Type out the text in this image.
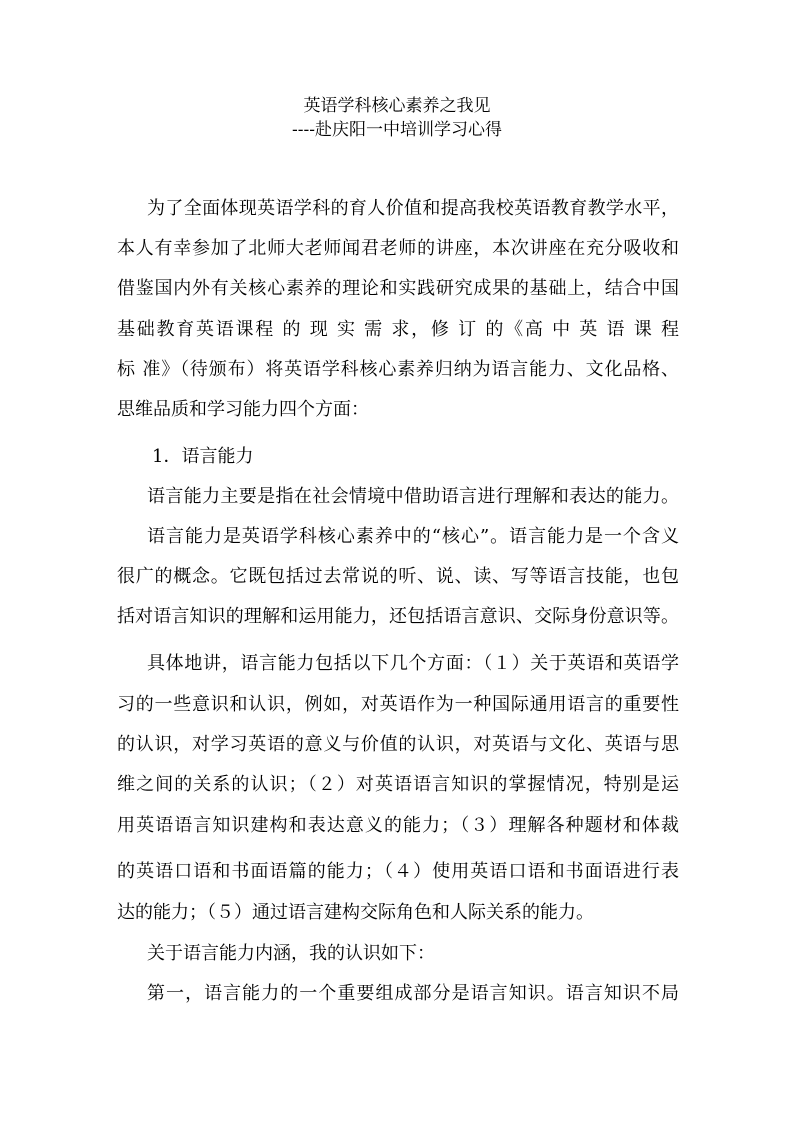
英语学科核心素养之我见
----赴庆阳一中培训学习心得
为了全面体现英语学科的育人价值和提高我校英语教育教学水平，
本人有幸参加了北师大老师闻君老师的讲座，本次讲座在充分吸收和
借鉴国内外有关核心素养的理论和实践研究成果的基础上，结合中国
基础教育英语课程 的 现 实 需 求，修 订 的《高 中 英 语 课 程
标 准》（待颁布）将英语学科核心素养归纳为语言能力、文化品格、
思维品质和学习能力四个方面：
1．语言能力
语言能力主要是指在社会情境中借助语言进行理解和表达的能力。
语言能力是英语学科核心素养中的“核心”。语言能力是一个含义
很广的概念。它既包括过去常说的听、说、读、写等语言技能，也包
括对语言知识的理解和运用能力，还包括语言意识、交际身份意识等。
具体地讲，语言能力包括以下几个方面：（１）关于英语和英语学
习的一些意识和认识，例如，对英语作为一种国际通用语言的重要性
的认识，对学习英语的意义与价值的认识，对英语与文化、英语与思
维之间的关系的认识；（２）对英语语言知识的掌握情况，特别是运
用英语语言知识建构和表达意义的能力；（３）理解各种题材和体裁
的英语口语和书面语篇的能力；（４）使用英语口语和书面语进行表
达的能力；（５）通过语言建构交际角色和人际关系的能力。
关于语言能力内涵，我的认识如下：
第一，语言能力的一个重要组成部分是语言知识。语言知识不局
